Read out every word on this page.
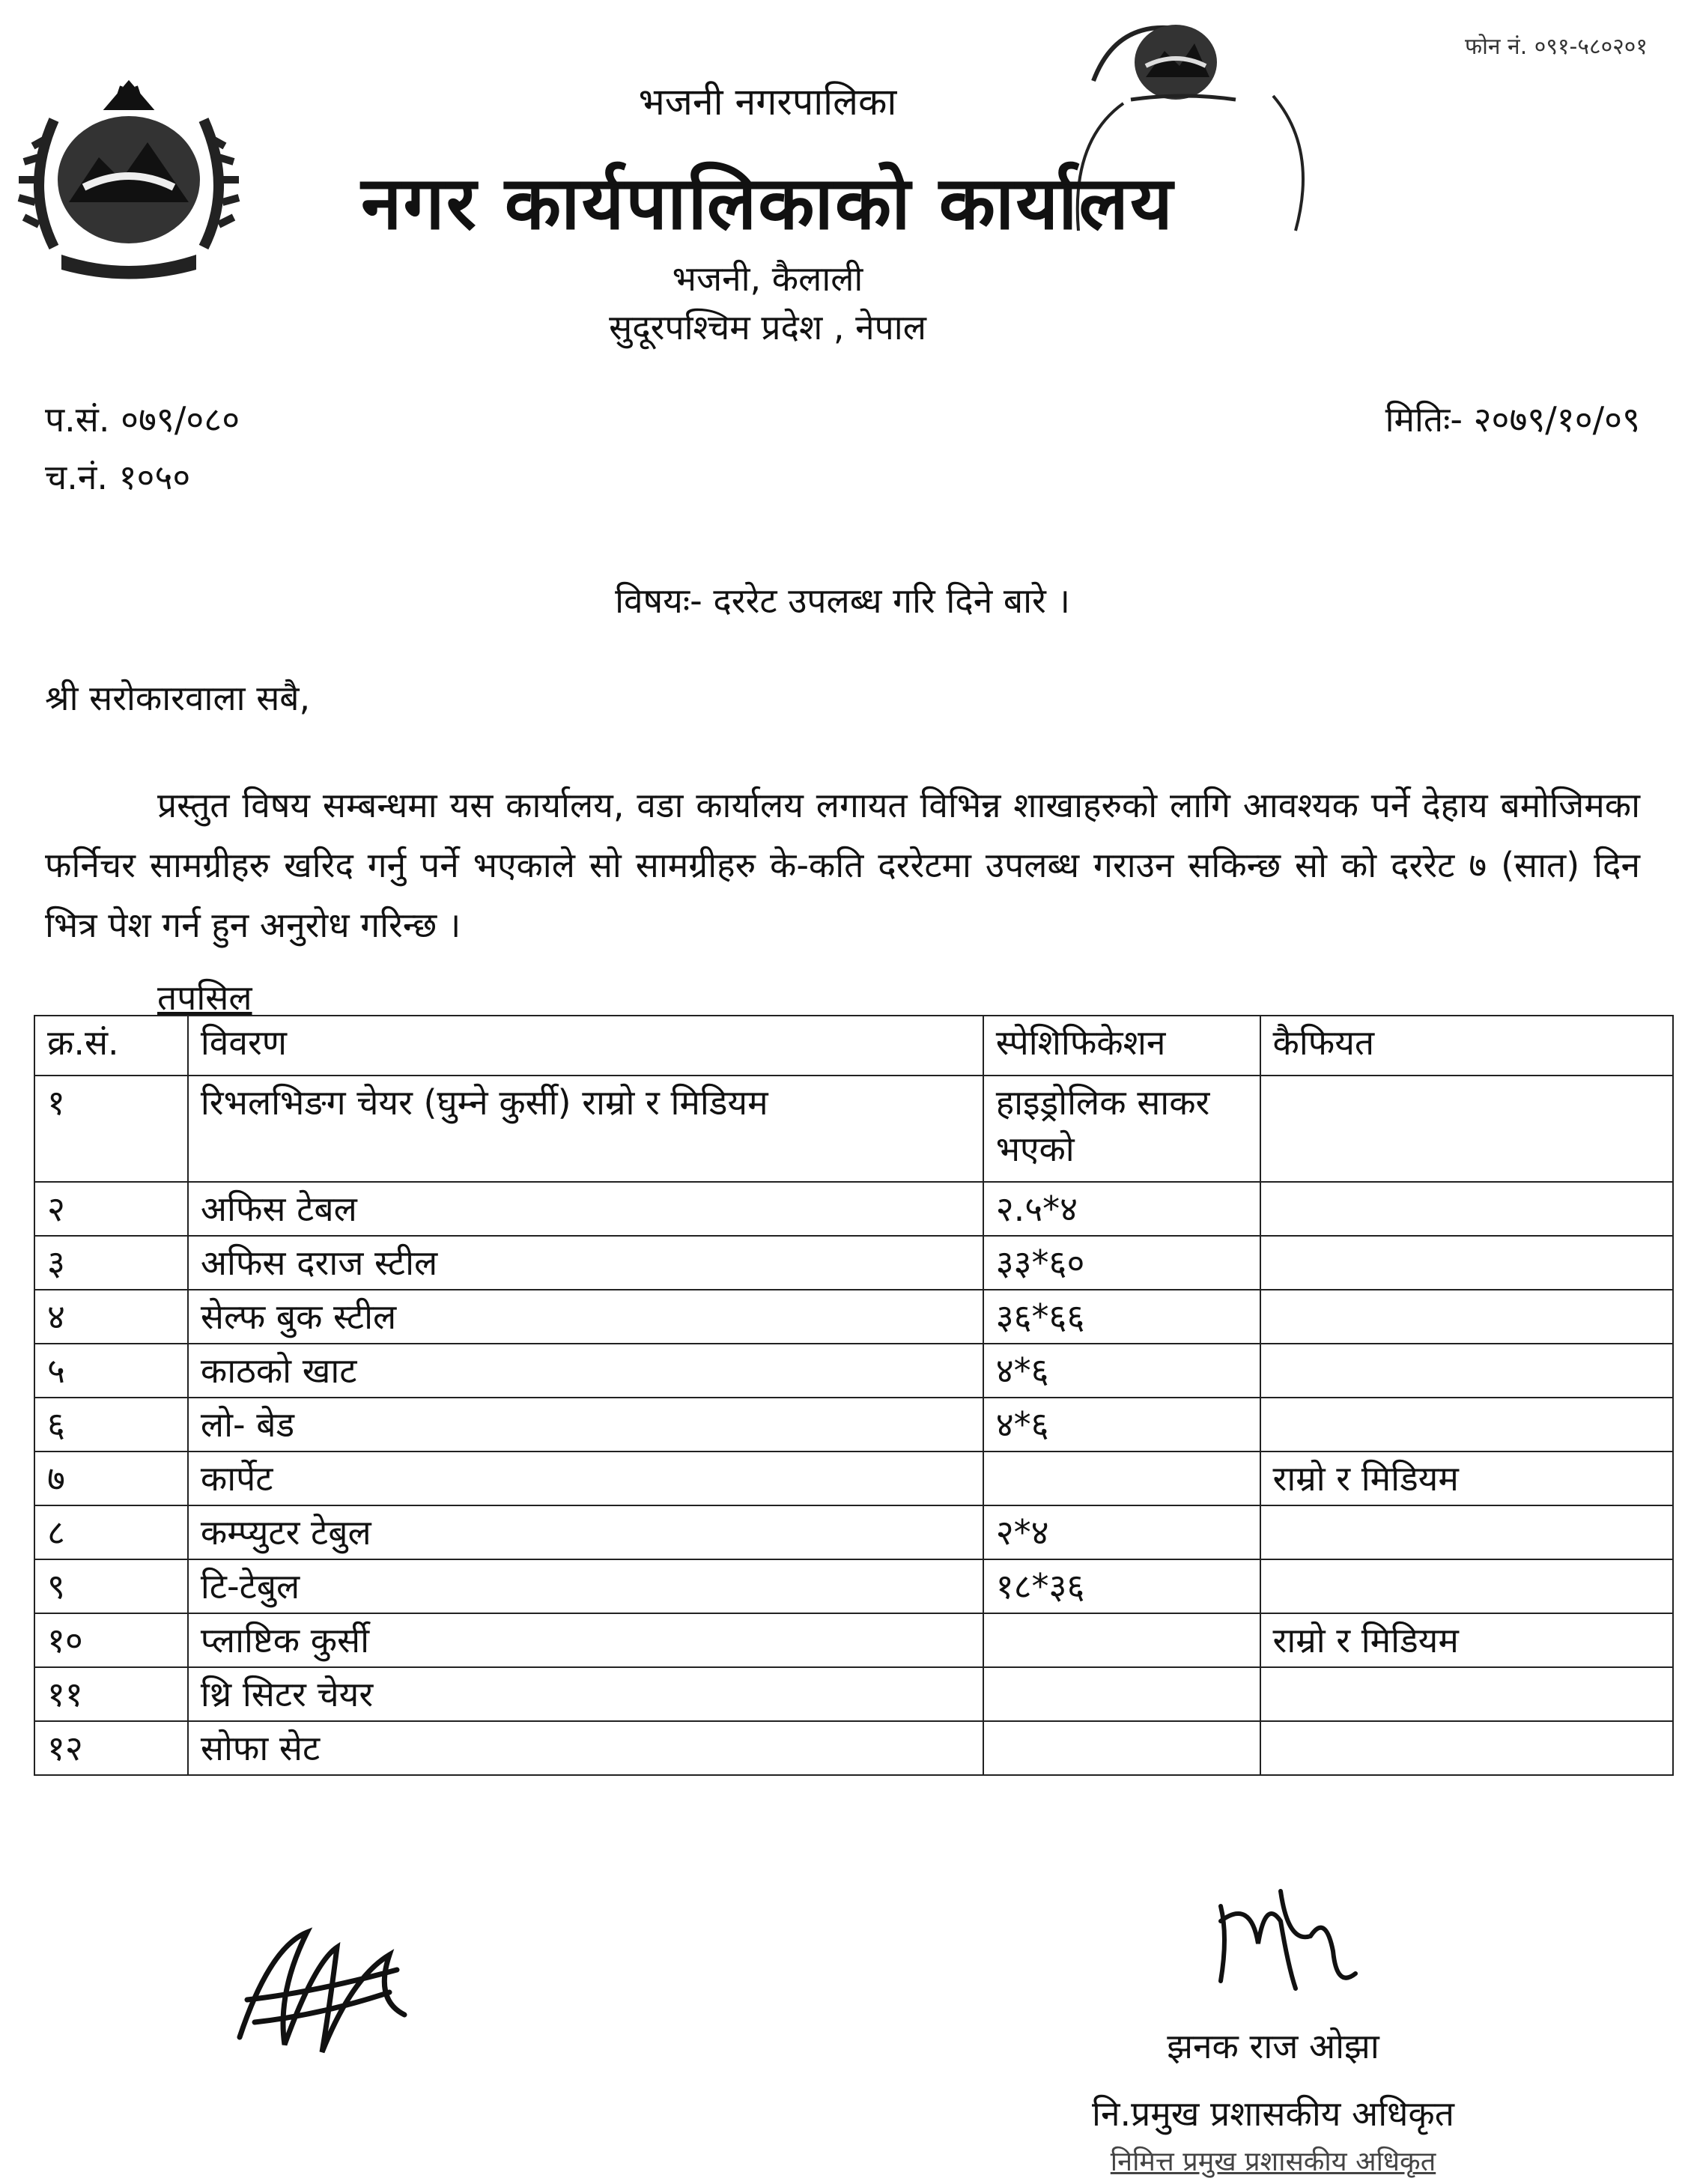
फोन नं. ०९१-५८०२०१
भजनी नगरपालिका
नगर कार्यपालिकाको कार्यालय
भजनी, कैलाली
सुदूरपश्चिम प्रदेश , नेपाल
प.सं. ०७९/०८०
च.नं. १०५०
मितिः- २०७९/१०/०९
विषयः- दररेट उपलब्ध गरि दिने बारे ।
श्री सरोकारवाला सबै,
प्रस्तुत विषय सम्बन्धमा यस कार्यालय, वडा कार्यालय लगायत विभिन्न शाखाहरुको लागि आवश्यक पर्ने देहाय बमोजिमका फर्निचर सामग्रीहरु खरिद गर्नु पर्ने भएकाले सो सामग्रीहरु के-कति दररेटमा उपलब्ध गराउन सकिन्छ सो को दररेट ७ (सात) दिन भित्र पेश गर्न हुन अनुरोध गरिन्छ ।
तपसिल
क्र.सं.	विवरण	स्पेशिफिकेशन	कैफियत
१	रिभलभिङग चेयर (घुम्ने कुर्सी) राम्रो र मिडियम	हाइड्रोलिक साकर भएको	
२	अफिस टेबल	२.५*४	
३	अफिस दराज स्टील	३३*६०	
४	सेल्फ बुक स्टील	३६*६६	
५	काठको खाट	४*६	
६	लो- बेड	४*६	
७	कार्पेट		राम्रो र मिडियम
८	कम्प्युटर टेबुल	२*४	
९	टि-टेबुल	१८*३६	
१०	प्लाष्टिक कुर्सी		राम्रो र मिडियम
११	थ्रि सिटर चेयर		
१२	सोफा सेट		
झनक राज ओझा
नि.प्रमुख प्रशासकीय अधिकृत
निमित्त प्रमुख प्रशासकीय अधिकृत
